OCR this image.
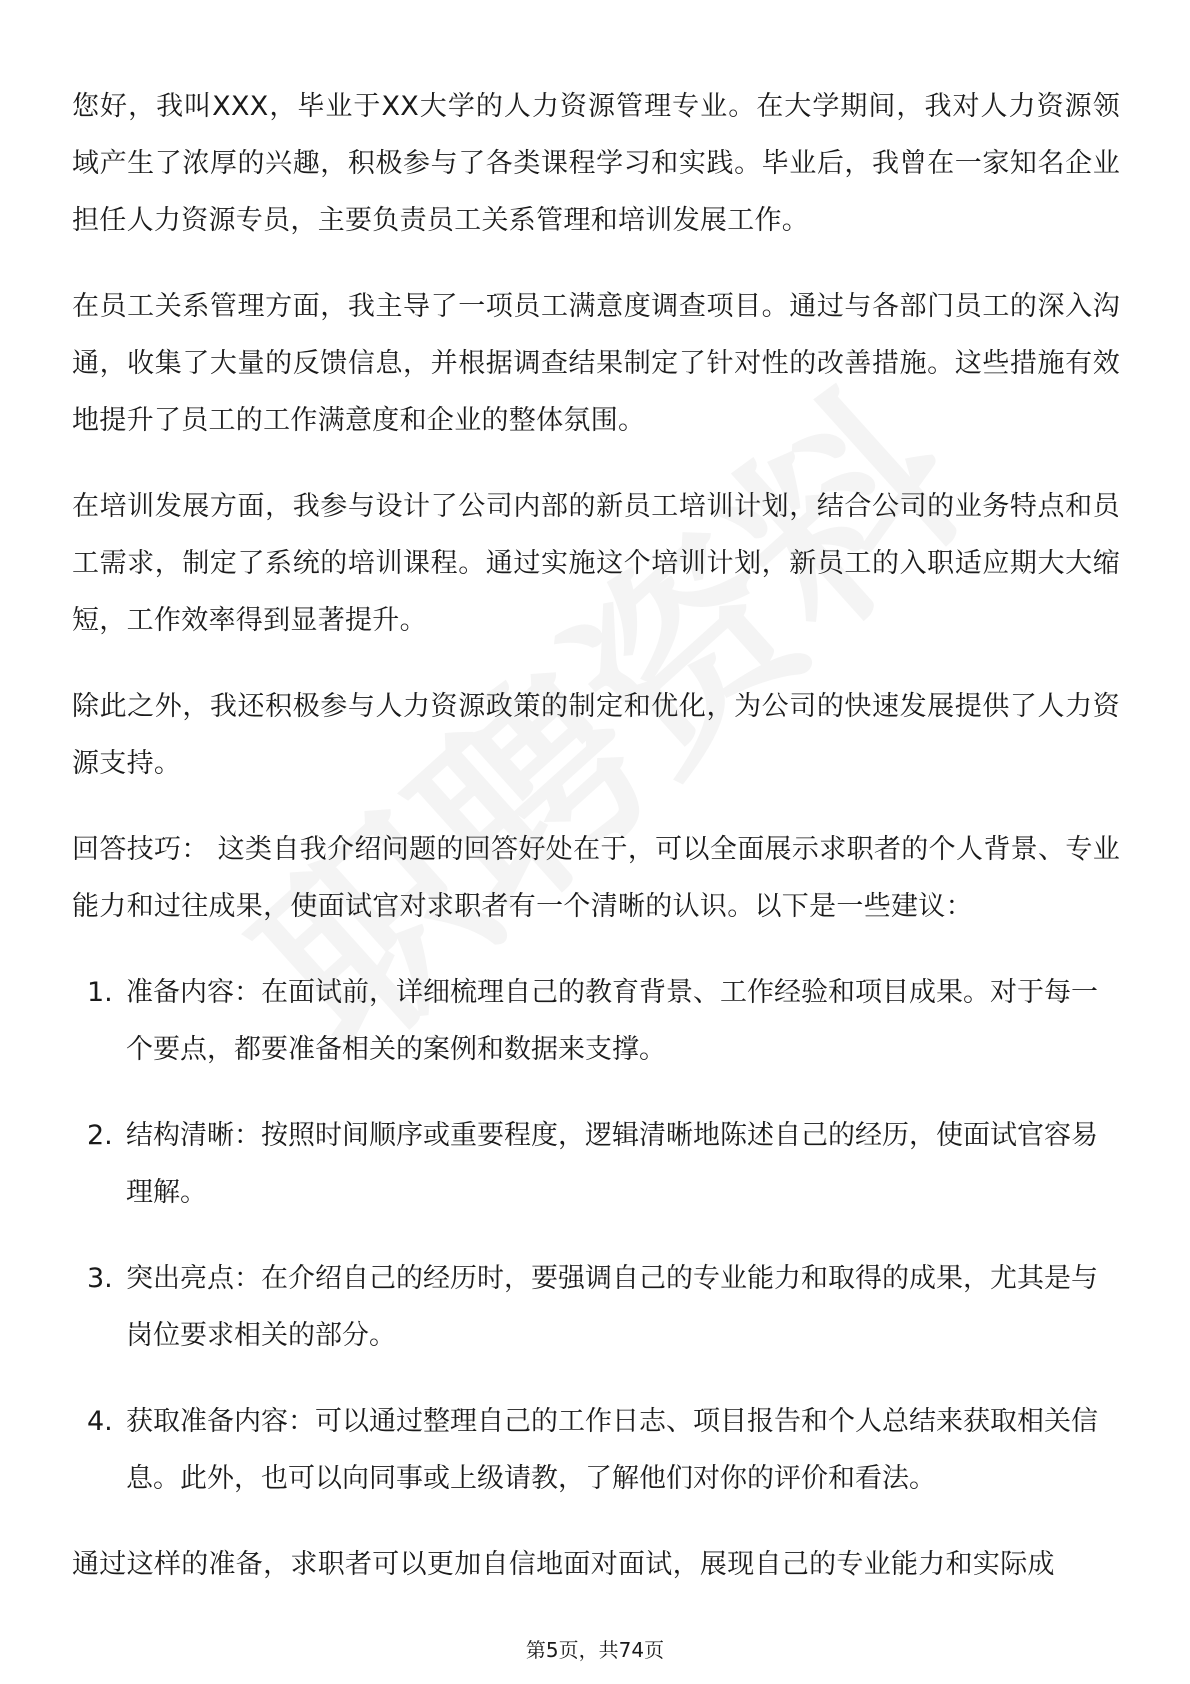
您好，我叫XXX，毕业于XX大学的人力资源管理专业。在大学期间，我对人力资源领域产生了浓厚的兴趣，积极参与了各类课程学习和实践。毕业后，我曾在一家知名企业担任人力资源专员，主要负责员工关系管理和培训发展工作。

在员工关系管理方面，我主导了一项员工满意度调查项目。通过与各部门员工的深入沟通，收集了大量的反馈信息，并根据调查结果制定了针对性的改善措施。这些措施有效地提升了员工的工作满意度和企业的整体氛围。

在培训发展方面，我参与设计了公司内部的新员工培训计划，结合公司的业务特点和员工需求，制定了系统的培训课程。通过实施这个培训计划，新员工的入职适应期大大缩短，工作效率得到显著提升。

除此之外，我还积极参与人力资源政策的制定和优化，为公司的快速发展提供了人力资源支持。

回答技巧： 这类自我介绍问题的回答好处在于，可以全面展示求职者的个人背景、专业能力和过往成果，使面试官对求职者有一个清晰的认识。以下是一些建议：

1. 准备内容：在面试前，详细梳理自己的教育背景、工作经验和项目成果。对于每一个要点，都要准备相关的案例和数据来支撑。
2. 结构清晰：按照时间顺序或重要程度，逻辑清晰地陈述自己的经历，使面试官容易理解。
3. 突出亮点：在介绍自己的经历时，要强调自己的专业能力和取得的成果，尤其是与岗位要求相关的部分。
4. 获取准备内容：可以通过整理自己的工作日志、项目报告和个人总结来获取相关信息。此外，也可以向同事或上级请教，了解他们对你的评价和看法。

通过这样的准备，求职者可以更加自信地面对面试，展现自己的专业能力和实际成

第5页，共74页
